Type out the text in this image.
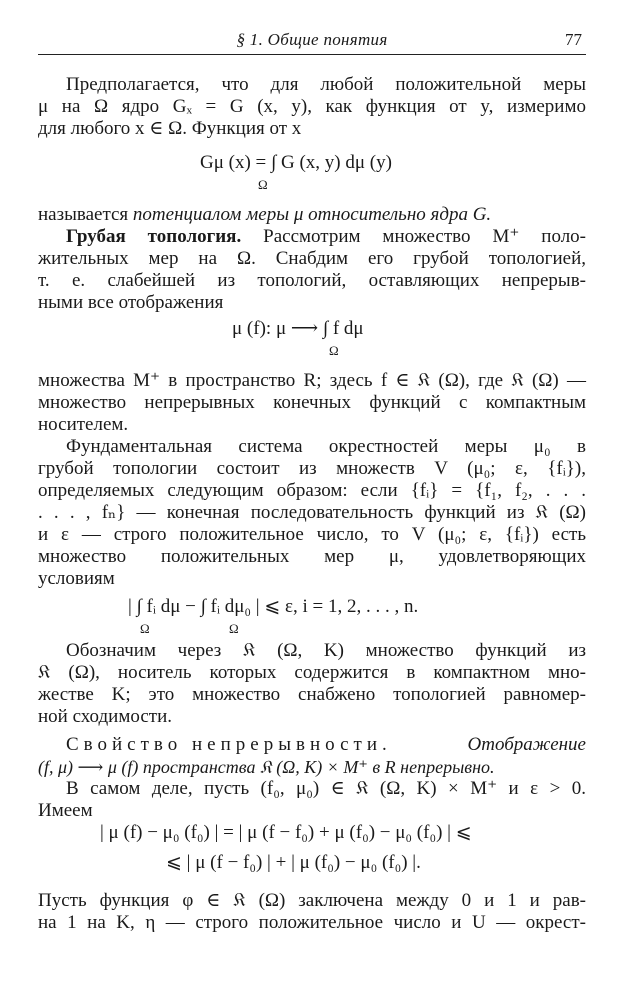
§ 1. Общие понятия	77
Предполагается, что для любой положительной меры
μ на Ω ядро Gₓ = G (x, y), как функция от y, измеримо
для любого x ∈ Ω. Функция от x
Gμ (x) = ∫ G (x, y) dμ (y)
Ω
называется потенциалом меры μ относительно ядра G.
Грубая топология. Рассмотрим множество M⁺ поло-
жительных мер на Ω. Снабдим его грубой топологией,
т. е. слабейшей из топологий, оставляющих непрерыв-
ными все отображения
μ (f): μ ⟶ ∫ f dμ
Ω
множества M⁺ в пространство R; здесь f ∈ 𝔎 (Ω), где 𝔎 (Ω) —
множество непрерывных конечных функций с компактным
носителем.
Фундаментальная система окрестностей меры μ₀ в
грубой топологии состоит из множеств V (μ₀; ε, {fᵢ}),
определяемых следующим образом: если {fᵢ} = {f₁, f₂, . . .
. . . , fₙ} — конечная последовательность функций из 𝔎 (Ω)
и ε — строго положительное число, то V (μ₀; ε, {fᵢ}) есть
множество положительных мер μ, удовлетворяющих
условиям
| ∫ fᵢ dμ − ∫ fᵢ dμ₀ | ⩽ ε, i = 1, 2, . . . , n.
Ω	Ω
Обозначим через 𝔎 (Ω, K) множество функций из
𝔎 (Ω), носитель которых содержится в компактном мно-
жестве K; это множество снабжено топологией равномер-
ной сходимости.
Свойство непрерывности.	Отображение
(f, μ) ⟶ μ (f) пространства 𝔎 (Ω, K) × M⁺ в R непрерывно.
В самом деле, пусть (f₀, μ₀) ∈ 𝔎 (Ω, K) × M⁺ и ε > 0.
Имеем
| μ (f) − μ₀ (f₀) | = | μ (f − f₀) + μ (f₀) − μ₀ (f₀) | ⩽
⩽ | μ (f − f₀) | + | μ (f₀) − μ₀ (f₀) |.
Пусть функция φ ∈ 𝔎 (Ω) заключена между 0 и 1 и рав-
на 1 на K, η — строго положительное число и U — окрест-
